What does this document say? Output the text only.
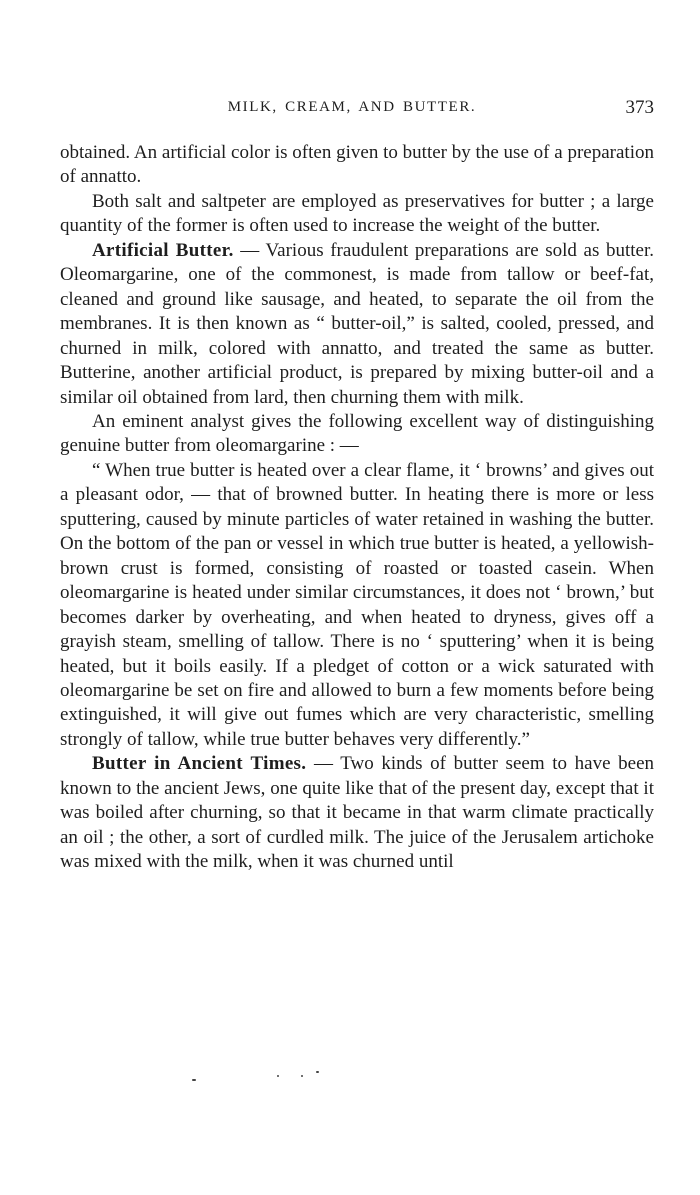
MILK, CREAM, AND BUTTER.	373

obtained. An artificial color is often given to butter by the use of a preparation of annatto.

Both salt and saltpeter are employed as preservatives for butter ; a large quantity of the former is often used to increase the weight of the butter.

Artificial Butter. — Various fraudulent preparations are sold as butter. Oleomargarine, one of the commonest, is made from tallow or beef-fat, cleaned and ground like sausage, and heated, to separate the oil from the membranes. It is then known as “ butter-oil,” is salted, cooled, pressed, and churned in milk, colored with annatto, and treated the same as butter. Butterine, another artificial product, is prepared by mixing butter-oil and a similar oil obtained from lard, then churning them with milk.

An eminent analyst gives the following excellent way of distinguishing genuine butter from oleomargarine : —

“ When true butter is heated over a clear flame, it ‘ browns’ and gives out a pleasant odor, — that of browned butter. In heating there is more or less sputtering, caused by minute particles of water retained in washing the butter. On the bottom of the pan or vessel in which true butter is heated, a yellowish-brown crust is formed, consisting of roasted or toasted casein. When oleomargarine is heated under similar circumstances, it does not ‘ brown,’ but becomes darker by overheating, and when heated to dryness, gives off a grayish steam, smelling of tallow. There is no ‘ sputtering’ when it is being heated, but it boils easily. If a pledget of cotton or a wick saturated with oleomargarine be set on fire and allowed to burn a few moments before being extinguished, it will give out fumes which are very characteristic, smelling strongly of tallow, while true butter behaves very differently.”

Butter in Ancient Times. — Two kinds of butter seem to have been known to the ancient Jews, one quite like that of the present day, except that it was boiled after churning, so that it became in that warm climate practically an oil ; the other, a sort of curdled milk. The juice of the Jerusalem artichoke was mixed with the milk, when it was churned until
